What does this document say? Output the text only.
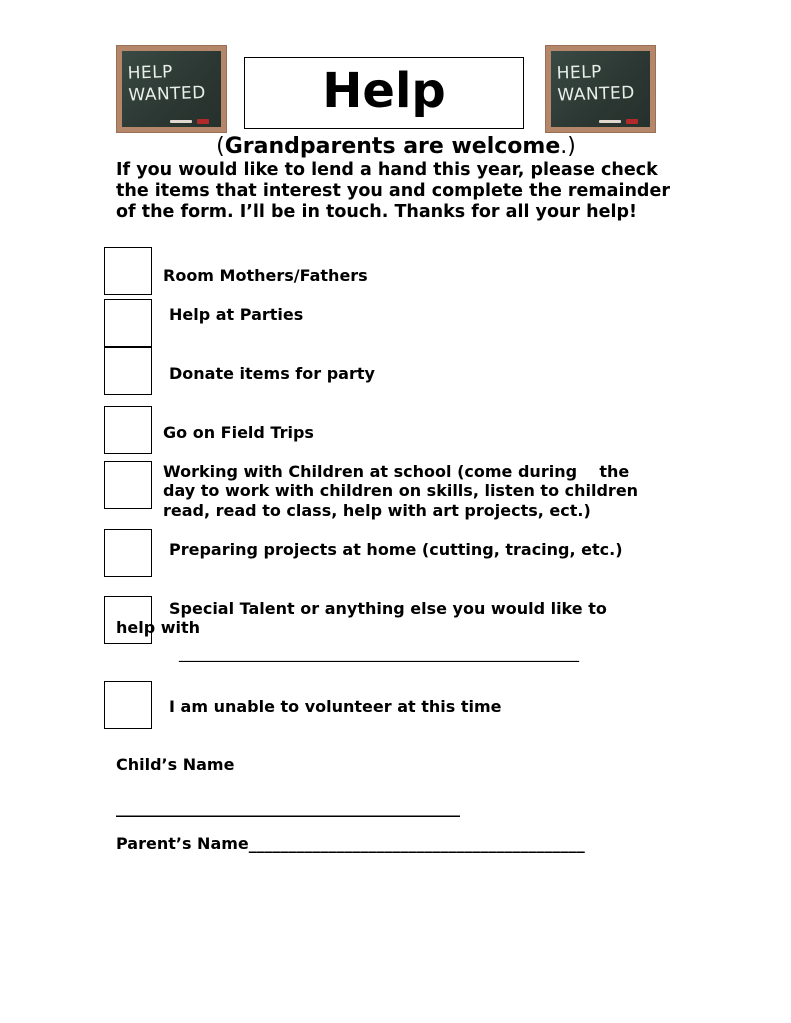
HELP WANTED
HELP WANTED
Help
(Grandparents are welcome.)
If you would like to lend a hand this year, please check the items that interest you and complete the remainder of the form. I’ll be in touch. Thanks for all your help!
Room Mothers/Fathers
Help at Parties
Donate items for party
Go on Field Trips
Working with Children at school (come during    the
day to work with children on skills, listen to children
read, read to class, help with art projects, ect.)
Preparing projects at home (cutting, tracing, etc.)
Special Talent or anything else you would like to
help with
__________________________________________________
I am unable to volunteer at this time
Child’s Name
___________________________________________
Parent’s Name__________________________________________
